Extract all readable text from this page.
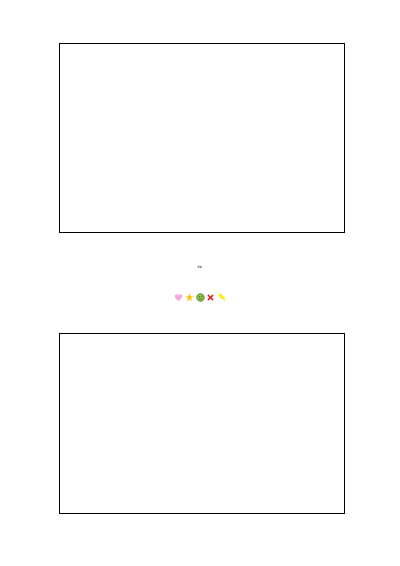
✂
